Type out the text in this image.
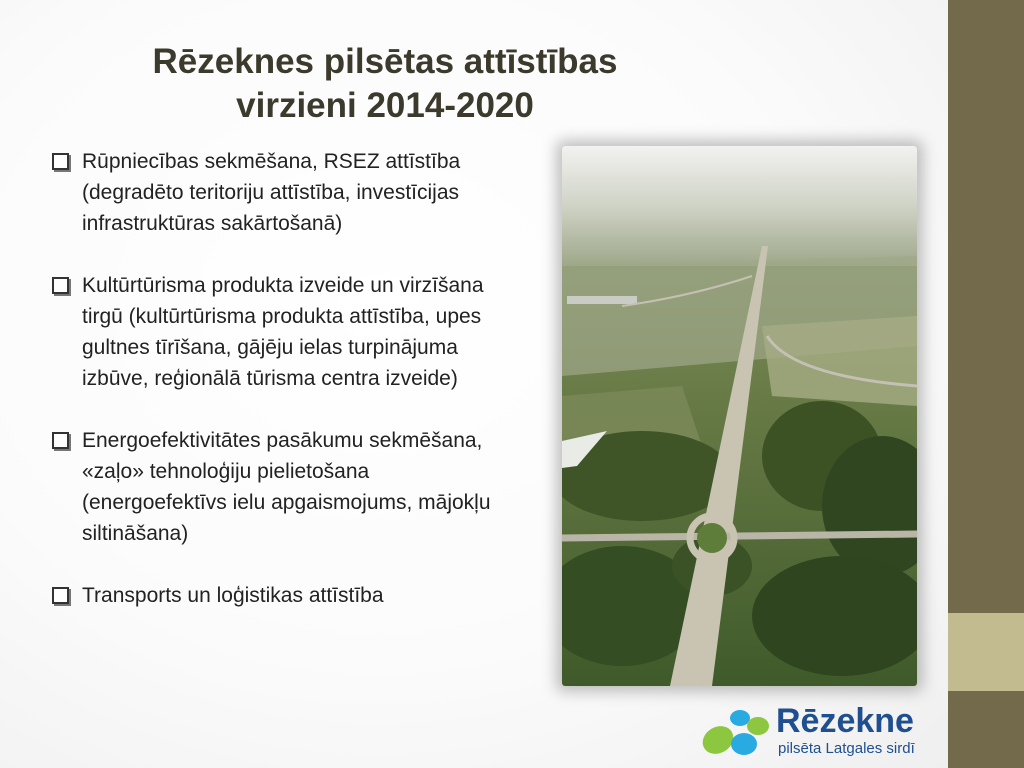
Rēzeknes pilsētas attīstības
virzieni 2014-2020
Rūpniecības sekmēšana, RSEZ attīstība (degradēto teritoriju attīstība, investīcijas infrastruktūras sakārtošanā)
Kultūrtūrisma produkta izveide un virzīšana tirgū (kultūrtūrisma produkta attīstība, upes gultnes tīrīšana, gājēju ielas turpinājuma izbūve, reģionālā tūrisma centra izveide)
Energoefektivitātes pasākumu sekmēšana, «zaļo» tehnoloģiju pielietošana (energoefektīvs ielu apgaismojums, mājokļu siltināšana)
Transports un loģistikas attīstība
Rēzekne
pilsēta Latgales sirdī
